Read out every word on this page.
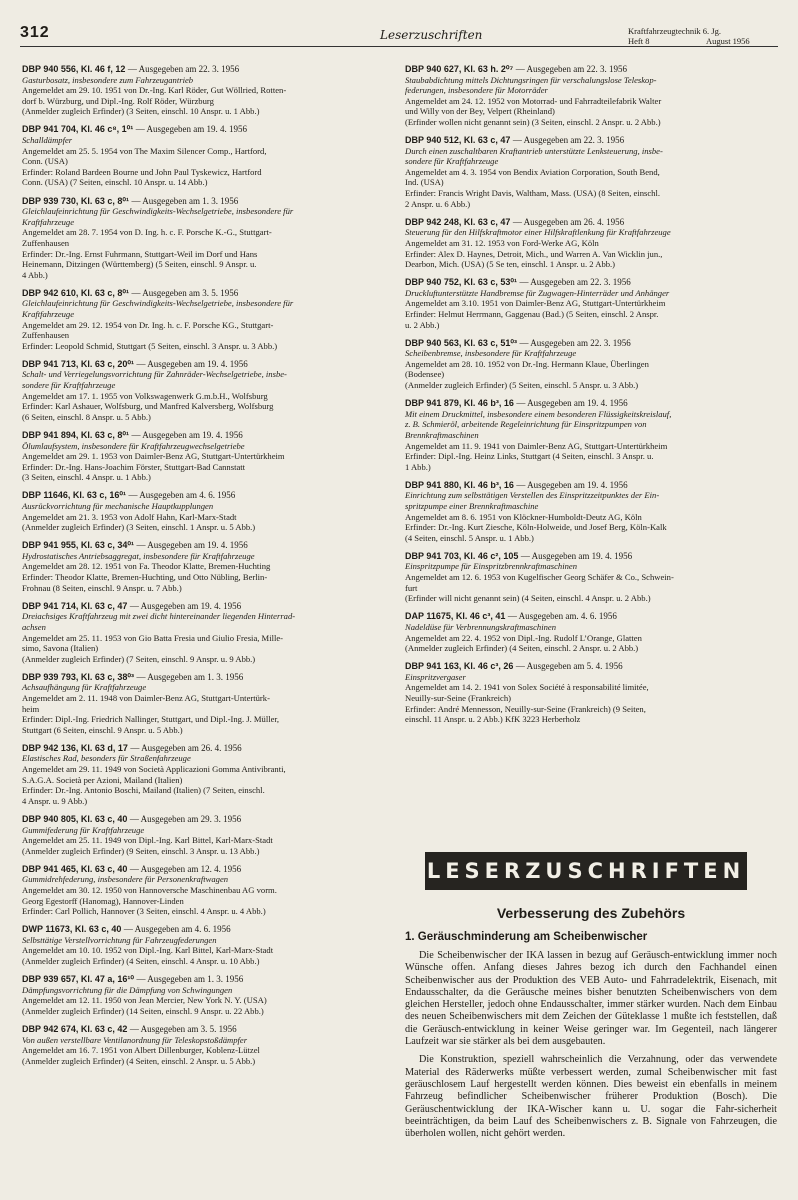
312	Leserzuschriften	Kraftfahrzeugtechnik 6. Jg.
Heft 8	August 1956
DBP 940 556, Kl. 46 f, 12 — Ausgegeben am 22. 3. 1956
Gasturbosatz, insbesondere zum Fahrzeugantrieb
Angemeldet am 29. 10. 1951 von Dr.-Ing. Karl Röder, Gut Wöllried, Rotten-
dorf b. Würzburg, und Dipl.-Ing. Rolf Röder, Würzburg
(Anmelder zugleich Erfinder) (3 Seiten, einschl. 10 Anspr. u. 1 Abb.)
DBP 941 704, Kl. 46 c⁸, 1⁰¹ — Ausgegeben am 19. 4. 1956
Schalldämpfer
Angemeldet am 25. 5. 1954 von The Maxim Silencer Comp., Hartford,
Conn. (USA)
Erfinder: Roland Bardeen Bourne und John Paul Tyskewicz, Hartford
Conn. (USA) (7 Seiten, einschl. 10 Anspr. u. 14 Abb.)
DBP 939 730, Kl. 63 c, 8⁰¹ — Ausgegeben am 1. 3. 1956
Gleichlaufeinrichtung für Geschwindigkeits-Wechselgetriebe, insbesondere für
Kraftfahrzeuge
Angemeldet am 28. 7. 1954 von D. Ing. h. c. F. Porsche K.-G., Stuttgart-
Zuffenhausen
Erfinder: Dr.-Ing. Ernst Fuhrmann, Stuttgart-Weil im Dorf und Hans
Heinemann, Ditzingen (Württemberg) (5 Seiten, einschl. 9 Anspr. u.
4 Abb.)
DBP 942 610, Kl. 63 c, 8⁰¹ — Ausgegeben am 3. 5. 1956
Gleichlaufeinrichtung für Geschwindigkeits-Wechselgetriebe, insbesondere für
Kraftfahrzeuge
Angemeldet am 29. 12. 1954 von Dr. Ing. h. c. F. Porsche KG., Stuttgart-
Zuffenhausen
Erfinder: Leopold Schmid, Stuttgart (5 Seiten, einschl. 3 Anspr. u. 3 Abb.)
DBP 941 713, Kl. 63 c, 20⁰¹ — Ausgegeben am 19. 4. 1956
Schalt- und Verriegelungsvorrichtung für Zahnräder-Wechselgetriebe, insbe-
sondere für Kraftfahrzeuge
Angemeldet am 17. 1. 1955 von Volkswagenwerk G.m.b.H., Wolfsburg
Erfinder: Karl Ashauer, Wolfsburg, und Manfred Kalversberg, Wolfsburg
(6 Seiten, einschl. 8 Anspr. u. 5 Abb.)
DBP 941 894, Kl. 63 c, 8⁰¹ — Ausgegeben am 19. 4. 1956
Ölumlaufsystem, insbesondere für Kraftfahrzeugwechselgetriebe
Angemeldet am 29. 1. 1953 von Daimler-Benz AG, Stuttgart-Untertürkheim
Erfinder: Dr.-Ing. Hans-Joachim Förster, Stuttgart-Bad Cannstatt
(3 Seiten, einschl. 4 Anspr. u. 1 Abb.)
DBP 11646, Kl. 63 c, 16⁰¹ — Ausgegeben am 4. 6. 1956
Ausrückvorrichtung für mechanische Hauptkupplungen
Angemeldet am 21. 3. 1953 von Adolf Hahn, Karl-Marx-Stadt
(Anmelder zugleich Erfinder) (3 Seiten, einschl. 1 Anspr. u. 5 Abb.)
DBP 941 955, Kl. 63 c, 34⁰¹ — Ausgegeben am 19. 4. 1956
Hydrostatisches Antriebsaggregat, insbesondere für Kraftfahrzeuge
Angemeldet am 28. 12. 1951 von Fa. Theodor Klatte, Bremen-Huchting
Erfinder: Theodor Klatte, Bremen-Huchting, und Otto Nübling, Berlin-
Frohnau (8 Seiten, einschl. 9 Anspr. u. 7 Abb.)
DBP 941 714, Kl. 63 c, 47 — Ausgegeben am 19. 4. 1956
Dreiachsiges Kraftfahrzeug mit zwei dicht hintereinander liegenden Hinterrad-
achsen
Angemeldet am 25. 11. 1953 von Gio Batta Fresia und Giulio Fresia, Mille-
simo, Savona (Italien)
(Anmelder zugleich Erfinder) (7 Seiten, einschl. 9 Anspr. u. 9 Abb.)
DBP 939 793, Kl. 63 c, 38⁰³ — Ausgegeben am 1. 3. 1956
Achsaufhängung für Kraftfahrzeuge
Angemeldet am 2. 11. 1948 von Daimler-Benz AG, Stuttgart-Untertürk-
heim
Erfinder: Dipl.-Ing. Friedrich Nallinger, Stuttgart, und Dipl.-Ing. J. Müller,
Stuttgart (6 Seiten, einschl. 9 Anspr. u. 5 Abb.)
DBP 942 136, Kl. 63 d, 17 — Ausgegeben am 26. 4. 1956
Elastisches Rad, besonders für Straßenfahrzeuge
Angemeldet am 29. 11. 1949 von Società Applicazioni Gomma Antivibranti,
S.A.G.A. Società per Azioni, Mailand (Italien)
Erfinder: Dr.-Ing. Antonio Boschi, Mailand (Italien) (7 Seiten, einschl.
4 Anspr. u. 9 Abb.)
DBP 940 805, Kl. 63 c, 40 — Ausgegeben am 29. 3. 1956
Gummifederung für Kraftfahrzeuge
Angemeldet am 25. 11. 1949 von Dipl.-Ing. Karl Bittel, Karl-Marx-Stadt
(Anmelder zugleich Erfinder) (9 Seiten, einschl. 3 Anspr. u. 13 Abb.)
DBP 941 465, Kl. 63 c, 40 — Ausgegeben am 12. 4. 1956
Gummidrehfederung, insbesondere für Personenkraftwagen
Angemeldet am 30. 12. 1950 von Hannoversche Maschinenbau AG vorm.
Georg Egestorff (Hanomag), Hannover-Linden
Erfinder: Carl Pollich, Hannover (3 Seiten, einschl. 4 Anspr. u. 4 Abb.)
DWP 11673, Kl. 63 c, 40 — Ausgegeben am 4. 6. 1956
Selbsttätige Verstellvorrichtung für Fahrzeugfederungen
Angemeldet am 10. 10. 1952 von Dipl.-Ing. Karl Bittel, Karl-Marx-Stadt
(Anmelder zugleich Erfinder) (4 Seiten, einschl. 4 Anspr. u. 10 Abb.)
DBP 939 657, Kl. 47 a, 16¹⁰ — Ausgegeben am 1. 3. 1956
Dämpfungsvorrichtung für die Dämpfung von Schwingungen
Angemeldet am 12. 11. 1950 von Jean Mercier, New York N. Y. (USA)
(Anmelder zugleich Erfinder) (14 Seiten, einschl. 9 Anspr. u. 22 Abb.)
DBP 942 674, Kl. 63 c, 42 — Ausgegeben am 3. 5. 1956
Von außen verstellbare Ventilanordnung für Teleskopstoßdämpfer
Angemeldet am 16. 7. 1951 von Albert Dillenburger, Koblenz-Lützel
(Anmelder zugleich Erfinder) (4 Seiten, einschl. 2 Anspr. u. 5 Abb.)
DBP 940 627, Kl. 63 h. 2⁰⁷ — Ausgegeben am 22. 3. 1956
Staubabdichtung mittels Dichtungsringen für verschalungslose Teleskop-
federungen, insbesondere für Motorräder
Angemeldet am 24. 12. 1952 von Motorrad- und Fahrradteilefabrik Walter
und Willy von der Bey, Velpert (Rheinland)
(Erfinder wollen nicht genannt sein) (3 Seiten, einschl. 2 Anspr. u. 2 Abb.)
DBP 940 512, Kl. 63 c, 47 — Ausgegeben am 22. 3. 1956
Durch einen zuschaltbaren Kraftantrieb unterstützte Lenksteuerung, insbe-
sondere für Kraftfahrzeuge
Angemeldet am 4. 3. 1954 von Bendix Aviation Corporation, South Bend,
Ind. (USA)
Erfinder: Francis Wright Davis, Waltham, Mass. (USA) (8 Seiten, einschl.
2 Anspr. u. 6 Abb.)
DBP 942 248, Kl. 63 c, 47 — Ausgegeben am 26. 4. 1956
Steuerung für den Hilfskraftmotor einer Hilfskraftlenkung für Kraftfahrzeuge
Angemeldet am 31. 12. 1953 von Ford-Werke AG, Köln
Erfinder: Alex D. Haynes, Detroit, Mich., und Warren A. Van Wicklin jun.,
Dearbon, Mich. (USA) (5 Se ten, einschl. 1 Anspr. u. 2 Abb.)
DBP 940 752, Kl. 63 c, 53⁰¹ — Ausgegeben am 22. 3. 1956
Druckluftunterstützte Handbremse für Zugwagen-Hinterräder und Anhänger
Angemeldet am 3.10. 1951 von Daimler-Benz AG, Stuttgart-Untertürkheim
Erfinder: Helmut Herrmann, Gaggenau (Bad.) (5 Seiten, einschl. 2 Anspr.
u. 2 Abb.)
DBP 940 563, Kl. 63 c, 51⁰³ — Ausgegeben am 22. 3. 1956
Scheibenbremse, insbesondere für Kraftfahrzeuge
Angemeldet am 28. 10. 1952 von Dr.-Ing. Hermann Klaue, Überlingen
(Bodensee)
(Anmelder zugleich Erfinder) (5 Seiten, einschl. 5 Anspr. u. 3 Abb.)
DBP 941 879, Kl. 46 b³, 16 — Ausgegeben am 19. 4. 1956
Mit einem Druckmittel, insbesondere einem besonderen Flüssigkeitskreislauf,
z. B. Schmieröl, arbeitende Regeleinrichtung für Einspritzpumpen von
Brennkraftmaschinen
Angemeldet am 11. 9. 1941 von Daimler-Benz AG, Stuttgart-Untertürkheim
Erfinder: Dipl.-Ing. Heinz Links, Stuttgart (4 Seiten, einschl. 3 Anspr. u.
1 Abb.)
DBP 941 880, Kl. 46 b³, 16 — Ausgegeben am 19. 4. 1956
Einrichtung zum selbsttätigen Verstellen des Einspritzzeitpunktes der Ein-
spritzpumpe einer Brennkraftmaschine
Angemeldet am 8. 6. 1951 von Klöckner-Humboldt-Deutz AG, Köln
Erfinder: Dr.-Ing. Kurt Ziesche, Köln-Holweide, und Josef Berg, Köln-Kalk
(4 Seiten, einschl. 5 Anspr. u. 1 Abb.)
DBP 941 703, Kl. 46 c², 105 — Ausgegeben am 19. 4. 1956
Einspritzpumpe für Einspritzbrennkraftmaschinen
Angemeldet am 12. 6. 1953 von Kugelfischer Georg Schäfer & Co., Schwein-
furt
(Erfinder will nicht genannt sein) (4 Seiten, einschl. 4 Anspr. u. 2 Abb.)
DAP 11675, Kl. 46 c³, 41 — Ausgegeben am. 4. 6. 1956
Nadeldüse für Verbrennungskraftmaschinen
Angemeldet am 22. 4. 1952 von Dipl.-Ing. Rudolf L’Orange, Glatten
(Anmelder zugleich Erfinder) (4 Seiten, einschl. 2 Anspr. u. 2 Abb.)
DBP 941 163, Kl. 46 c³, 26 — Ausgegeben am 5. 4. 1956
Einspritzvergaser
Angemeldet am 14. 2. 1941 von Solex Société à responsabilité limitée,
Neuilly-sur-Seine (Frankreich)
Erfinder: André Mennesson, Neuilly-sur-Seine (Frankreich) (9 Seiten,
einschl. 11 Anspr. u. 2 Abb.) KfK 3223 Herberholz
LESERZUSCHRIFTEN
Verbesserung des Zubehörs
1. Geräuschminderung am Scheibenwischer

Die Scheibenwischer der IKA lassen in bezug auf Geräusch-entwicklung immer noch Wünsche offen. Anfang dieses Jahres bezog ich durch den Fachhandel einen Scheibenwischer aus der Produktion des VEB Auto- und Fahrradelektrik, Eisenach, mit Endausschalter, da die Geräusche meines bisher benutzten Scheibenwischers von dem gleichen Hersteller, jedoch ohne Endausschalter, immer stärker wurden. Nach dem Einbau des neuen Scheibenwischers mit dem Zeichen der Güteklasse 1 mußte ich feststellen, daß die Geräusch-entwicklung in keiner Weise geringer war. Im Gegenteil, nach längerer Laufzeit war sie stärker als bei dem ausgebauten.

Die Konstruktion, speziell wahrscheinlich die Verzahnung, oder das verwendete Material des Räderwerks müßte verbessert werden, zumal Scheibenwischer mit fast geräuschlosem Lauf hergestellt werden können. Dies beweist ein ebenfalls in meinem Fahrzeug befindlicher Scheibenwischer früherer Produktion (Bosch). Die Geräuschentwicklung der IKA-Wischer kann u. U. sogar die Fahr-sicherheit beeinträchtigen, da beim Lauf des Scheibenwischers z. B. Signale von Fahrzeugen, die überholen wollen, nicht gehört werden.
